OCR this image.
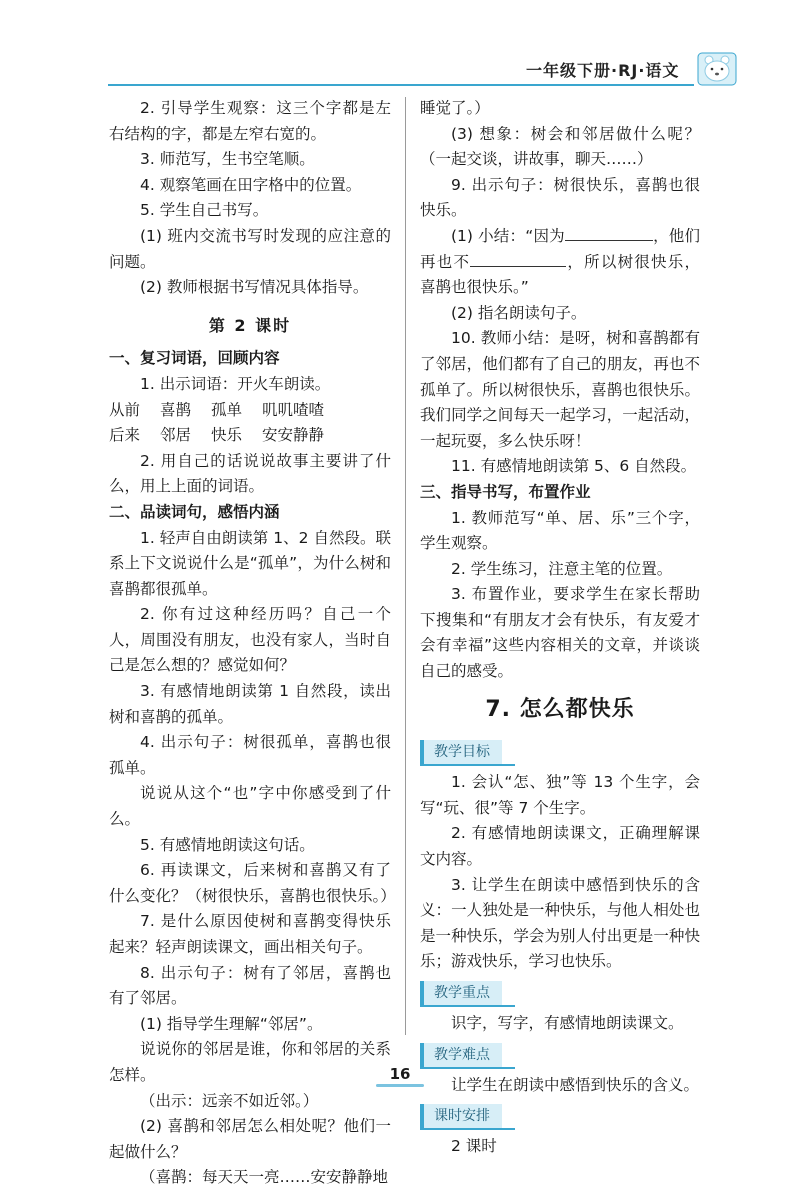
一年级下册·RJ·语文

2. 引导学生观察：这三个字都是左右结构的字，都是左窄右宽的。

3. 师范写，生书空笔顺。

4. 观察笔画在田字格中的位置。

5. 学生自己书写。

(1) 班内交流书写时发现的应注意的问题。

(2) 教师根据书写情况具体指导。

第 2 课时

一、复习词语，回顾内容

1. 出示词语：开火车朗读。

从前 喜鹊 孤单 叽叽喳喳

后来 邻居 快乐 安安静静

2. 用自己的话说说故事主要讲了什么，用上上面的词语。

二、品读词句，感悟内涵

1. 轻声自由朗读第 1、2 自然段。联系上下文说说什么是“孤单”，为什么树和喜鹊都很孤单。

2. 你有过这种经历吗？自己一个人，周围没有朋友，也没有家人，当时自己是怎么想的？感觉如何？

3. 有感情地朗读第 1 自然段，读出树和喜鹊的孤单。

4. 出示句子：树很孤单，喜鹊也很孤单。

说说从这个“也”字中你感受到了什么。

5. 有感情地朗读这句话。

6. 再读课文，后来树和喜鹊又有了什么变化？（树很快乐，喜鹊也很快乐。）

7. 是什么原因使树和喜鹊变得快乐起来？轻声朗读课文，画出相关句子。

8. 出示句子：树有了邻居，喜鹊也有了邻居。

(1) 指导学生理解“邻居”。

说说你的邻居是谁，你和邻居的关系怎样。

（出示：远亲不如近邻。）

(2) 喜鹊和邻居怎么相处呢？他们一起做什么？

（喜鹊：每天天一亮……安安静静地

睡觉了。）

(3) 想象：树会和邻居做什么呢？（一起交谈，讲故事，聊天……）

9. 出示句子：树很快乐，喜鹊也很快乐。

(1) 小结：“因为	，他们再也不	，所以树很快乐，喜鹊也很快乐。”

(2) 指名朗读句子。

10. 教师小结：是呀，树和喜鹊都有了邻居，他们都有了自己的朋友，再也不孤单了。所以树很快乐，喜鹊也很快乐。我们同学之间每天一起学习，一起活动，一起玩耍，多么快乐呀！

11. 有感情地朗读第 5、6 自然段。

三、指导书写，布置作业

1. 教师范写“单、居、乐”三个字，学生观察。

2. 学生练习，注意主笔的位置。

3. 布置作业，要求学生在家长帮助下搜集和“有朋友才会有快乐，有友爱才会有幸福”这些内容相关的文章，并谈谈自己的感受。

7. 怎么都快乐
教学目标

1. 会认“怎、独”等 13 个生字，会写“玩、很”等 7 个生字。

2. 有感情地朗读课文，正确理解课文内容。

3. 让学生在朗读中感悟到快乐的含义：一人独处是一种快乐，与他人相处也是一种快乐，学会为别人付出更是一种快乐；游戏快乐，学习也快乐。

教学重点

识字，写字，有感情地朗读课文。

教学难点

让学生在朗读中感悟到快乐的含义。

课时安排

2 课时

16
